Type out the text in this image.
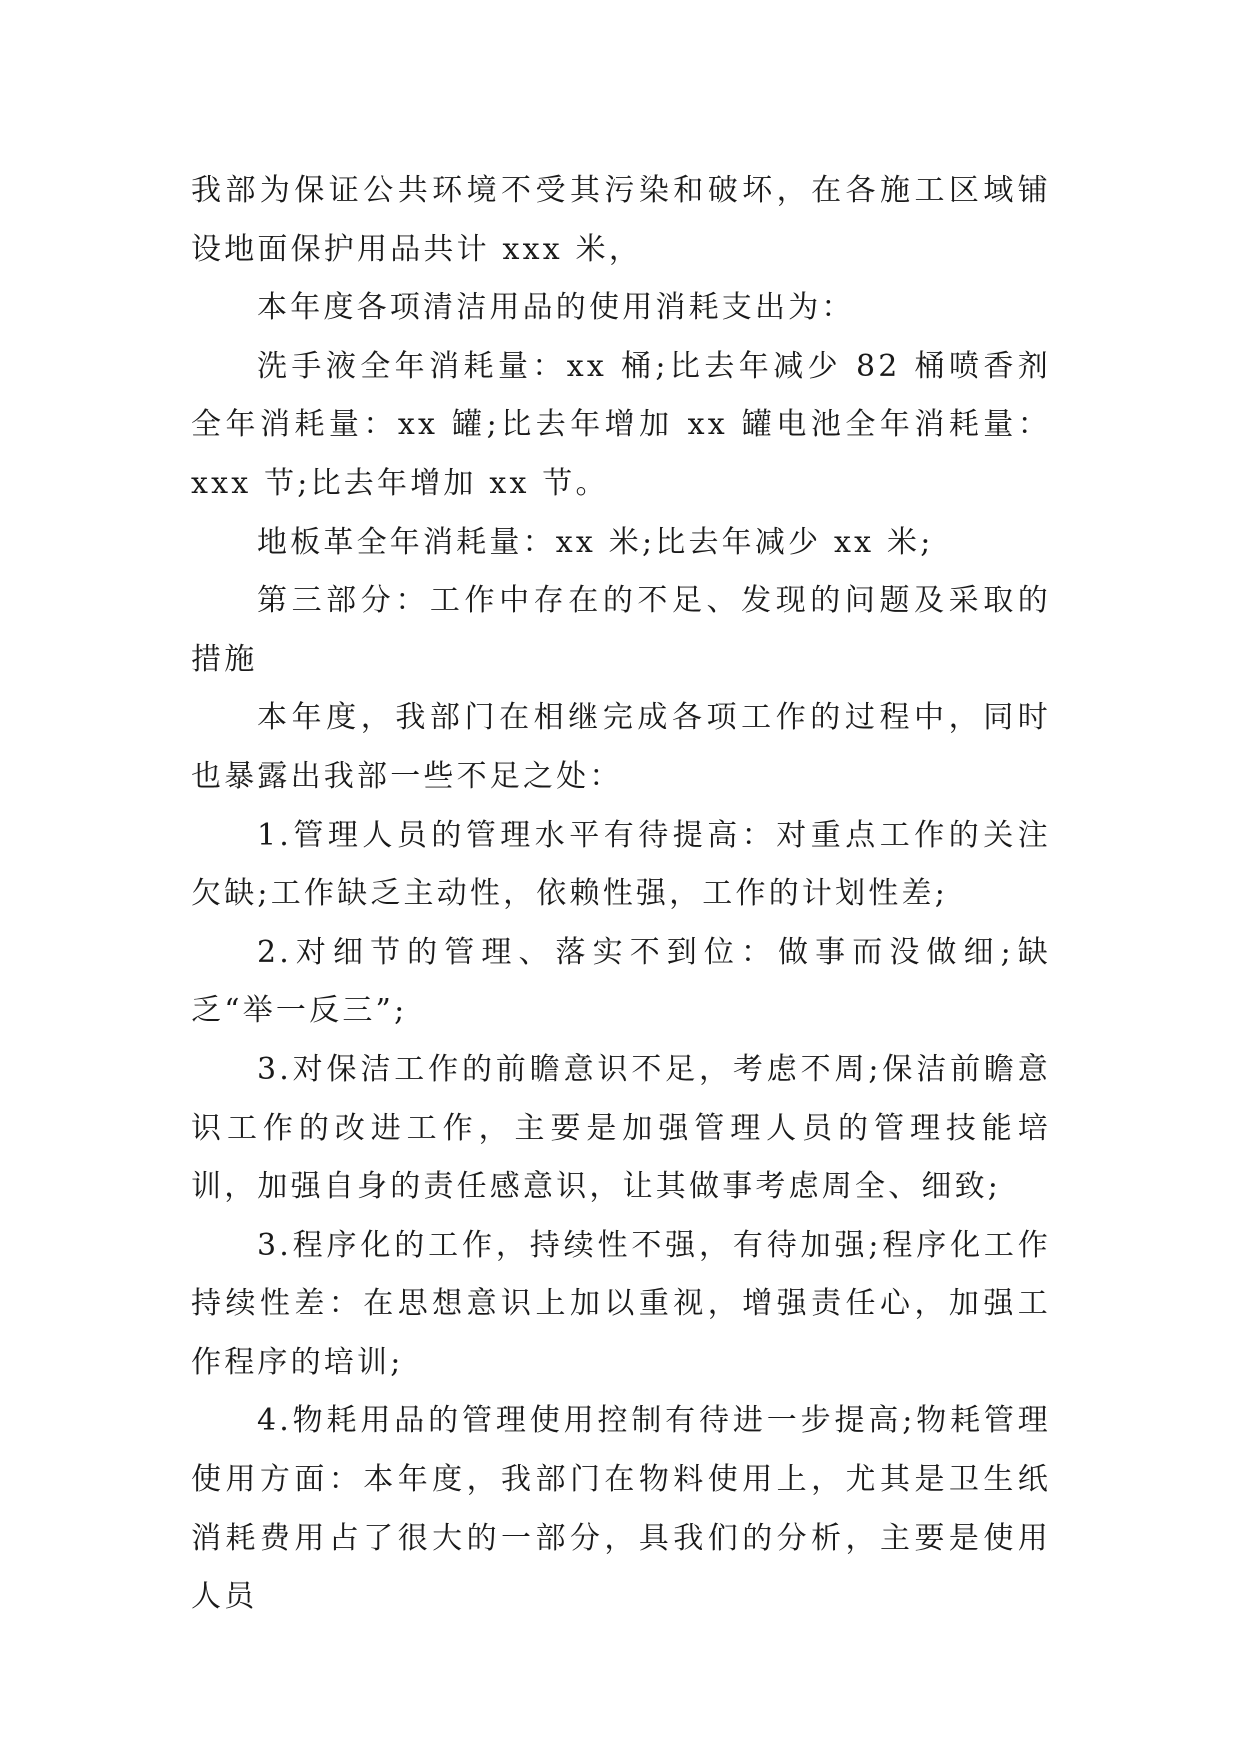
我部为保证公共环境不受其污染和破坏，在各施工区域铺设地面保护用品共计 xxx 米，

本年度各项清洁用品的使用消耗支出为：

洗手液全年消耗量：xx 桶;比去年减少 82 桶喷香剂全年消耗量：xx 罐;比去年增加 xx 罐电池全年消耗量：xxx 节;比去年增加 xx 节。

地板革全年消耗量：xx 米;比去年减少 xx 米;

第三部分：工作中存在的不足、发现的问题及采取的措施

本年度，我部门在相继完成各项工作的过程中，同时也暴露出我部一些不足之处：

1.管理人员的管理水平有待提高：对重点工作的关注欠缺;工作缺乏主动性，依赖性强，工作的计划性差;

2.对细节的管理、落实不到位：做事而没做细;缺乏“举一反三”;

3.对保洁工作的前瞻意识不足，考虑不周;保洁前瞻意识工作的改进工作，主要是加强管理人员的管理技能培训，加强自身的责任感意识，让其做事考虑周全、细致;

3.程序化的工作，持续性不强，有待加强;程序化工作持续性差：在思想意识上加以重视，增强责任心，加强工作程序的培训;

4.物耗用品的管理使用控制有待进一步提高;物耗管理使用方面：本年度，我部门在物料使用上，尤其是卫生纸消耗费用占了很大的一部分，具我们的分析，主要是使用人员
